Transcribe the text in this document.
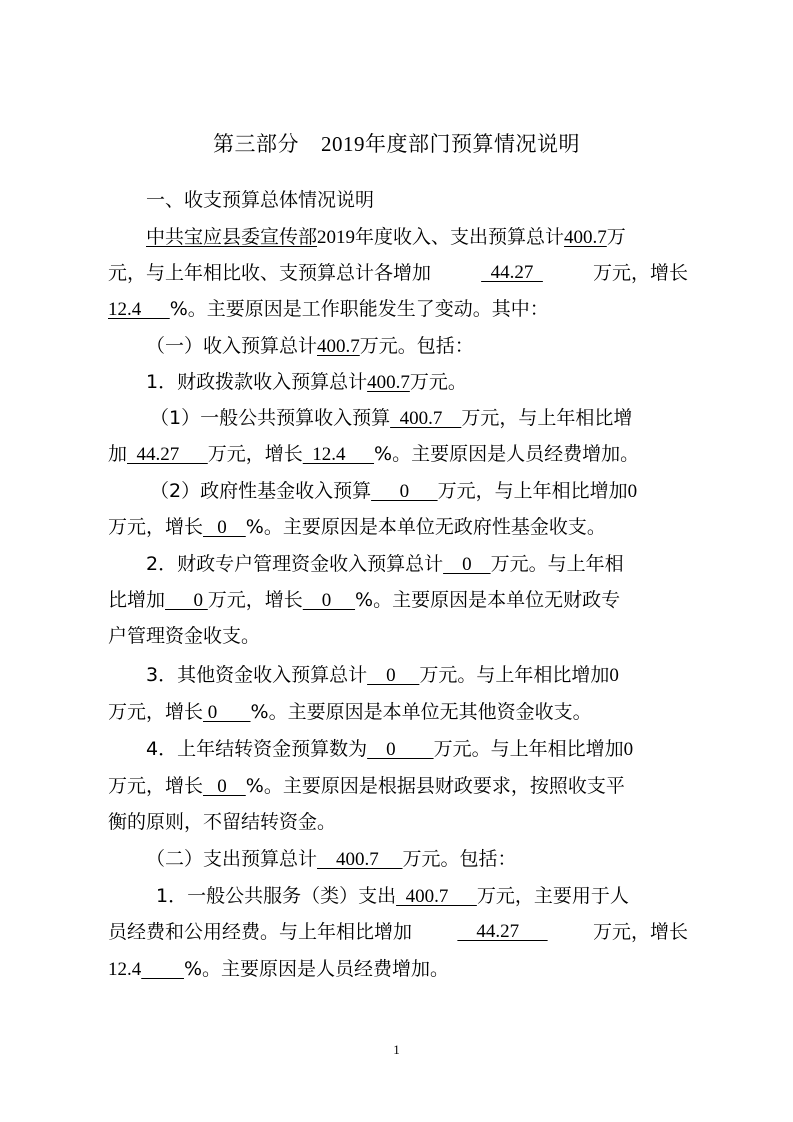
第三部分 2019年度部门预算情况说明
一、收支预算总体情况说明
中共宝应县委宣传部2019年度收入、支出预算总计400.7万
元，与上年相比收、支预算总计各增加	44.27	万元，增长
12.4      %。主要原因是工作职能发生了变动。其中：
（一）收入预算总计400.7万元。包括：
1．财政拨款收入预算总计400.7万元。
（1）一般公共预算收入预算  400.7    万元，与上年相比增
加  44.27      万元，增长  12.4      %。主要原因是人员经费增加。
（2）政府性基金收入预算      0      万元，与上年相比增加0
万元，增长   0    %。主要原因是本单位无政府性基金收支。
2．财政专户管理资金收入预算总计    0    万元。与上年相
比增加      0 万元，增长    0     %。主要原因是本单位无财政专
户管理资金收支。
3．其他资金收入预算总计    0     万元。与上年相比增加0
万元，增长 0       %。主要原因是本单位无其他资金收支。
4．上年结转资金预算数为    0        万元。与上年相比增加0
万元，增长   0    %。主要原因是根据县财政要求，按照收支平
衡的原则，不留结转资金。
（二）支出预算总计    400.7     万元。包括：
1．一般公共服务（类）支出  400.7      万元，主要用于人
员经费和公用经费。与上年相比增加 44.27 万元，增长
12.4 %。主要原因是人员经费增加。
1
